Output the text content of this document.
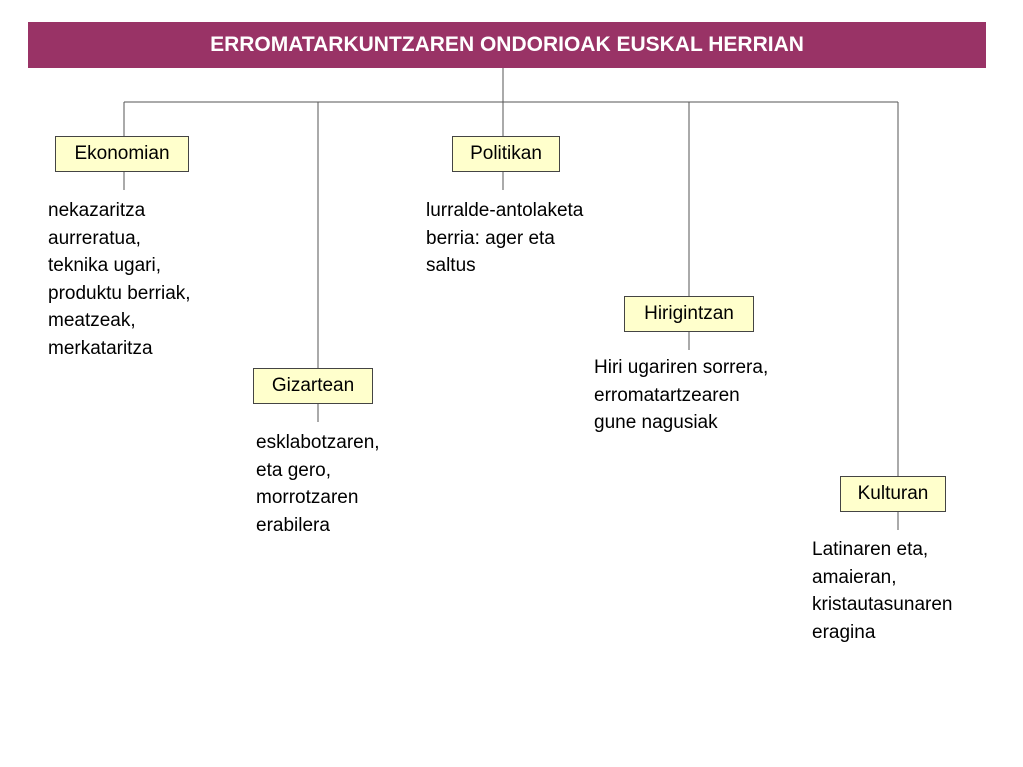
ERROMATARKUNTZAREN ONDORIOAK EUSKAL HERRIAN
Ekonomian
Gizartean
Politikan
Hirigintzan
Kulturan
nekazaritza
aurreratua,
teknika ugari,
produktu berriak,
meatzeak,
merkataritza
esklabotzaren,
eta gero,
morrotzaren
erabilera
lurralde-antolaketa
berria: ager eta
saltus
Hiri ugariren sorrera,
erromatartzearen
gune nagusiak
Latinaren eta,
amaieran,
kristautasunaren
eragina
